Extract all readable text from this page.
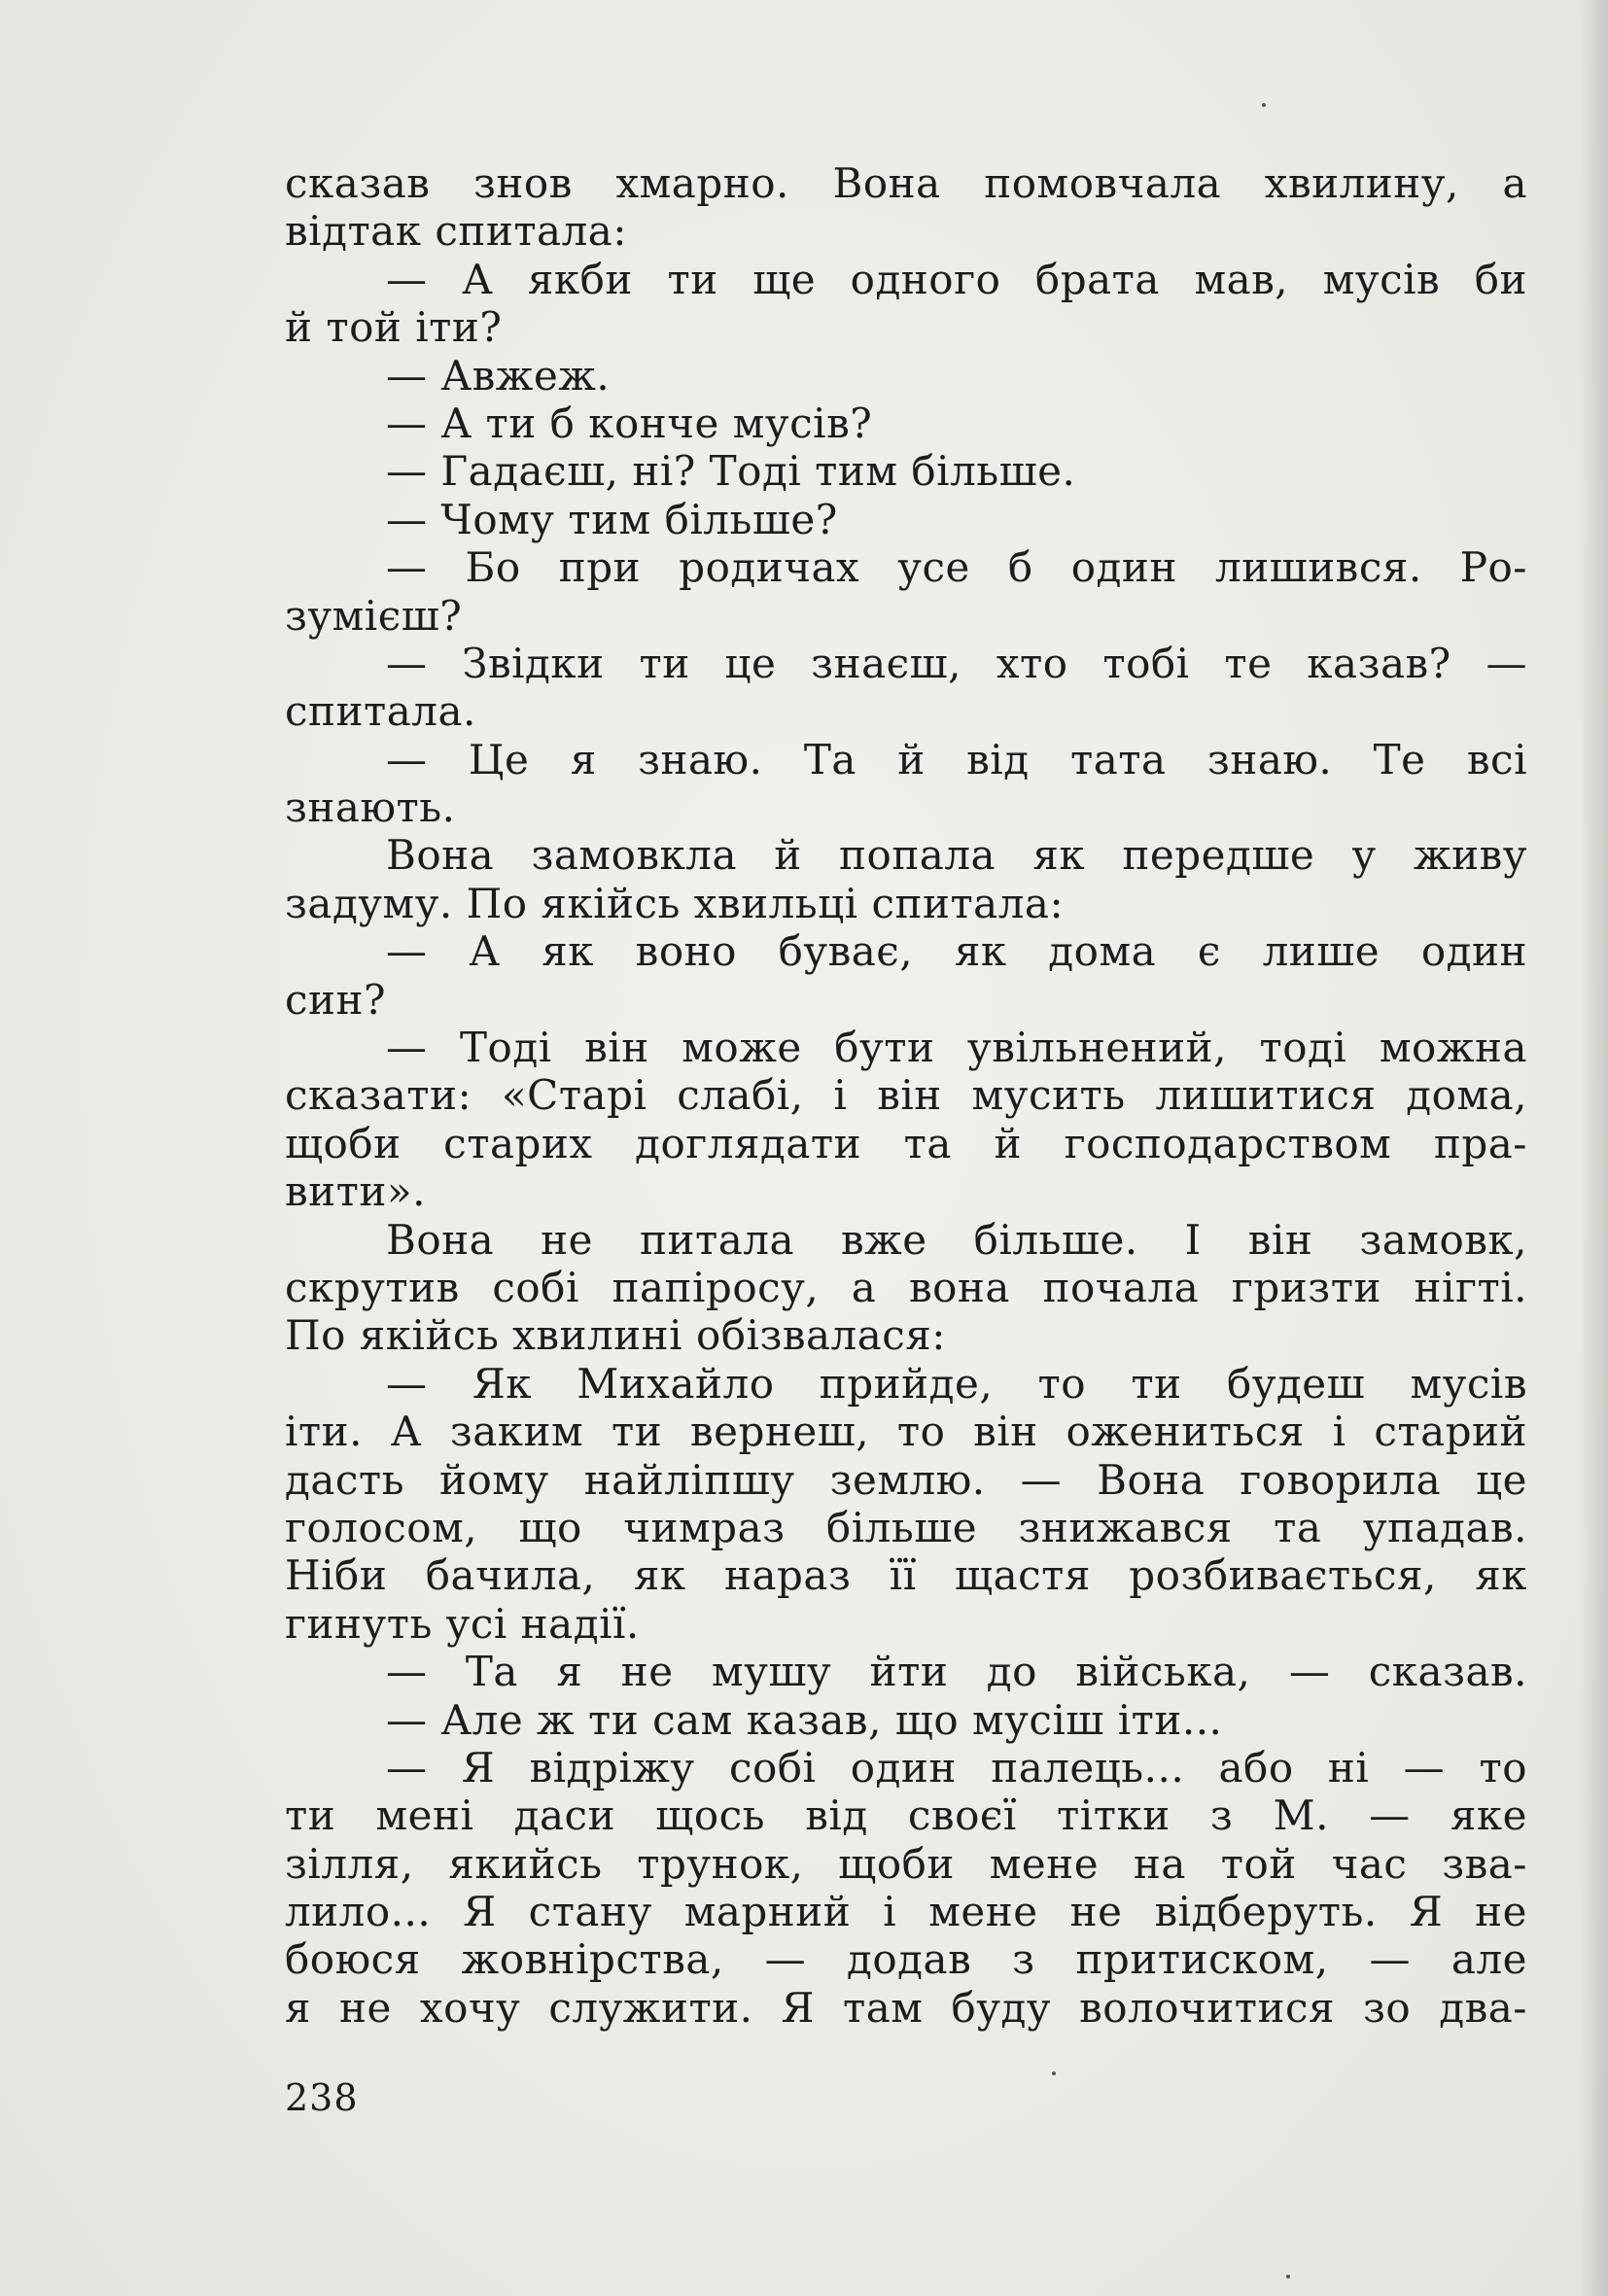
сказав знов хмарно. Вона помовчала хвилину, а
відтак спитала:
— А якби ти ще одного брата мав, мусів би
й той іти?
— Авжеж.
— А ти б конче мусів?
— Гадаєш, ні? Тоді тим більше.
— Чому тим більше?
— Бо при родичах усе б один лишився. Ро-
зумієш?
— Звідки ти це знаєш, хто тобі те казав? —
спитала.
— Це я знаю. Та й від тата знаю. Те всі
знають.
Вона замовкла й попала як передше у живу
задуму. По якійсь хвильці спитала:
— А як воно буває, як дома є лише один
син?
— Тоді він може бути увільнений, тоді можна
сказати: «Старі слабі, і він мусить лишитися дома,
щоби старих доглядати та й господарством пра-
вити».
Вона не питала вже більше. І він замовк,
скрутив собі папіросу, а вона почала гризти нігті.
По якійсь хвилині обізвалася:
— Як Михайло прийде, то ти будеш мусів
іти. А заким ти вернеш, то він ожениться і старий
дасть йому найліпшу землю. — Вона говорила це
голосом, що чимраз більше знижався та упадав.
Ніби бачила, як нараз її щастя розбивається, як
гинуть усі надії.
— Та я не мушу йти до війська, — сказав.
— Але ж ти сам казав, що мусіш іти...
— Я відріжу собі один палець... або ні — то
ти мені даси щось від своєї тітки з М. — яке
зілля, якийсь трунок, щоби мене на той час зва-
лило... Я стану марний і мене не відберуть. Я не
боюся жовнірства, — додав з притиском, — але
я не хочу служити. Я там буду волочитися зо два-
238
